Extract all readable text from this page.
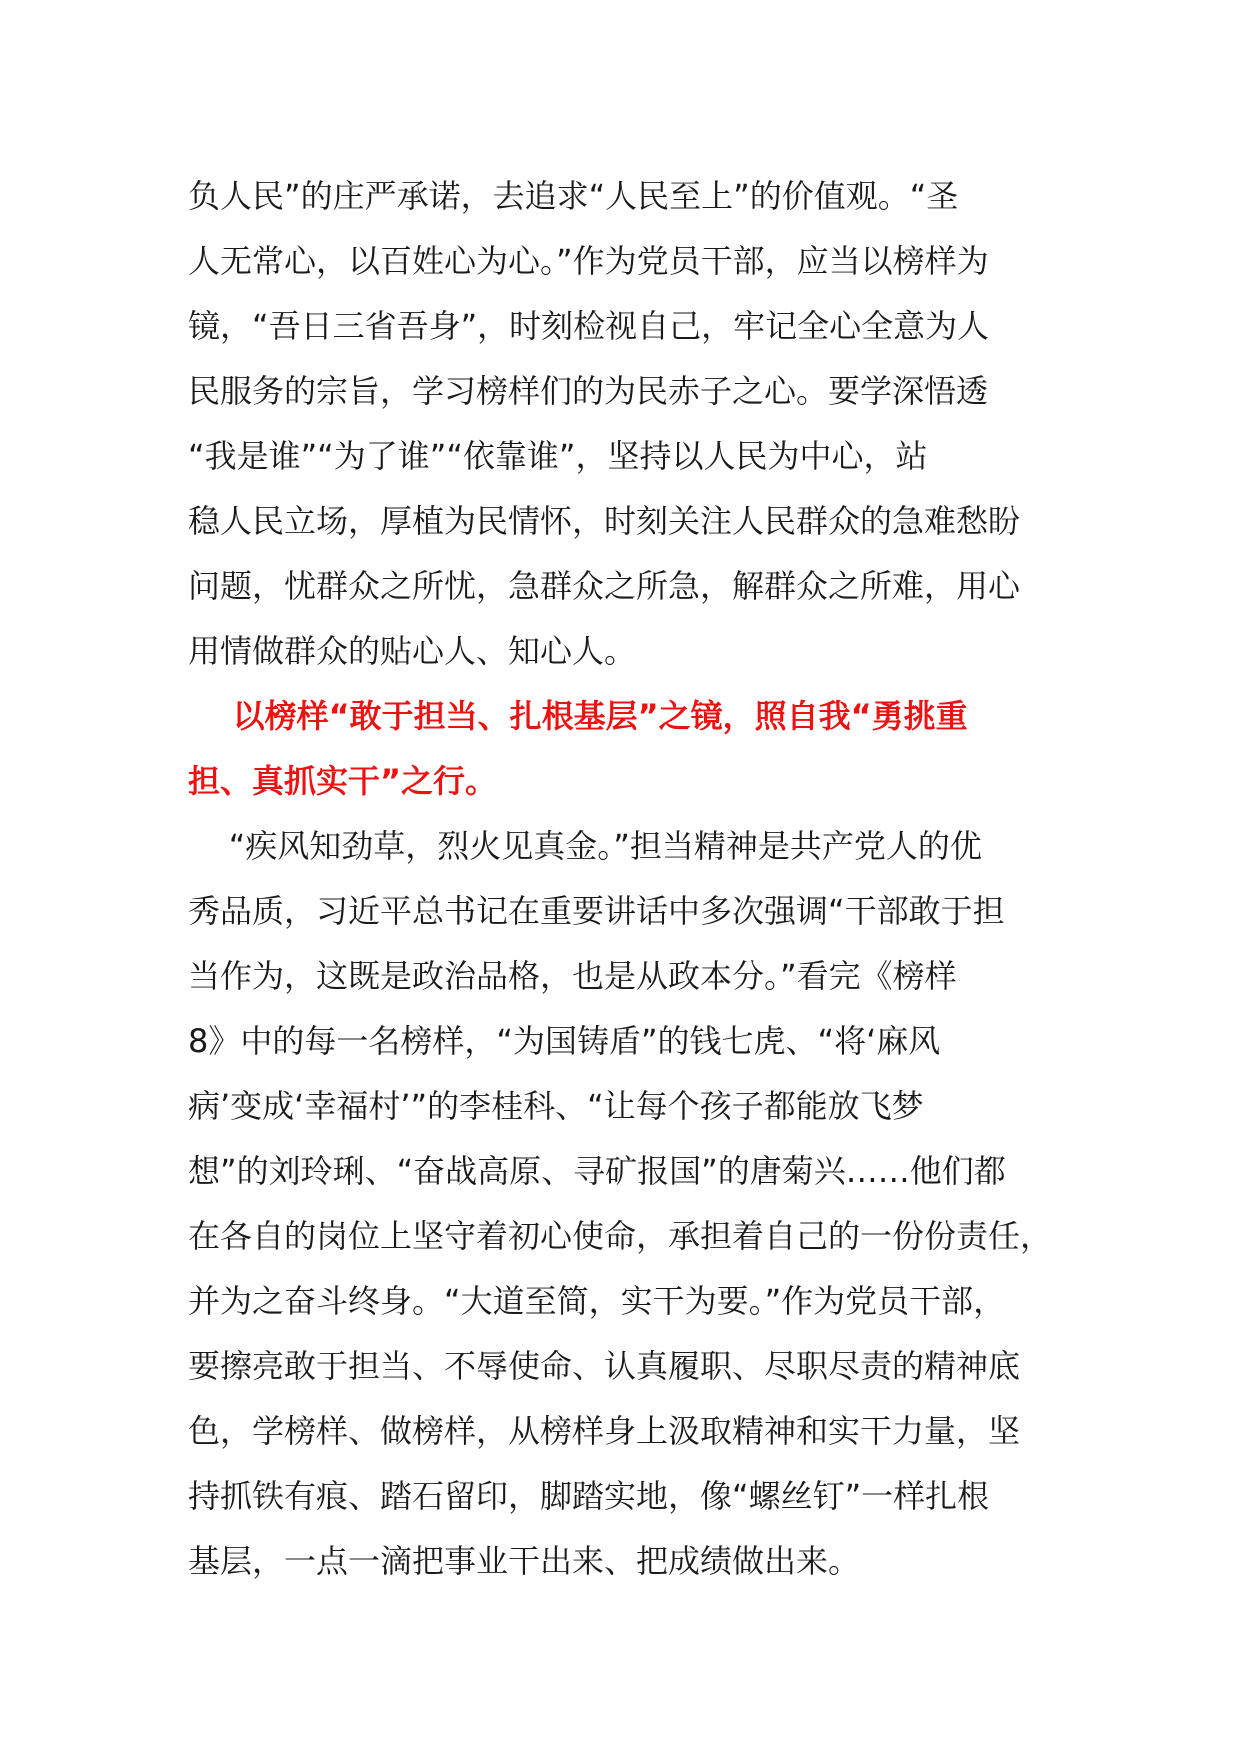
负人民”的庄严承诺，去追求“人民至上”的价值观。“圣
人无常心，以百姓心为心。”作为党员干部，应当以榜样为
镜，“吾日三省吾身”，时刻检视自己，牢记全心全意为人
民服务的宗旨，学习榜样们的为民赤子之心。要学深悟透
“我是谁”“为了谁”“依靠谁”，坚持以人民为中心，站
稳人民立场，厚植为民情怀，时刻关注人民群众的急难愁盼
问题，忧群众之所忧，急群众之所急，解群众之所难，用心
用情做群众的贴心人、知心人。
以榜样“敢于担当、扎根基层”之镜，照自我“勇挑重
担、真抓实干”之行。
“疾风知劲草，烈火见真金。”担当精神是共产党人的优
秀品质，习近平总书记在重要讲话中多次强调“干部敢于担
当作为，这既是政治品格，也是从政本分。”看完《榜样
8》中的每一名榜样，“为国铸盾”的钱七虎、“将‘麻风
病’变成‘幸福村’”的李桂科、“让每个孩子都能放飞梦
想”的刘玲琍、“奋战高原、寻矿报国”的唐菊兴……他们都
在各自的岗位上坚守着初心使命，承担着自己的一份份责任，
并为之奋斗终身。“大道至简，实干为要。”作为党员干部，
要擦亮敢于担当、不辱使命、认真履职、尽职尽责的精神底
色，学榜样、做榜样，从榜样身上汲取精神和实干力量，坚
持抓铁有痕、踏石留印，脚踏实地，像“螺丝钉”一样扎根
基层，一点一滴把事业干出来、把成绩做出来。
